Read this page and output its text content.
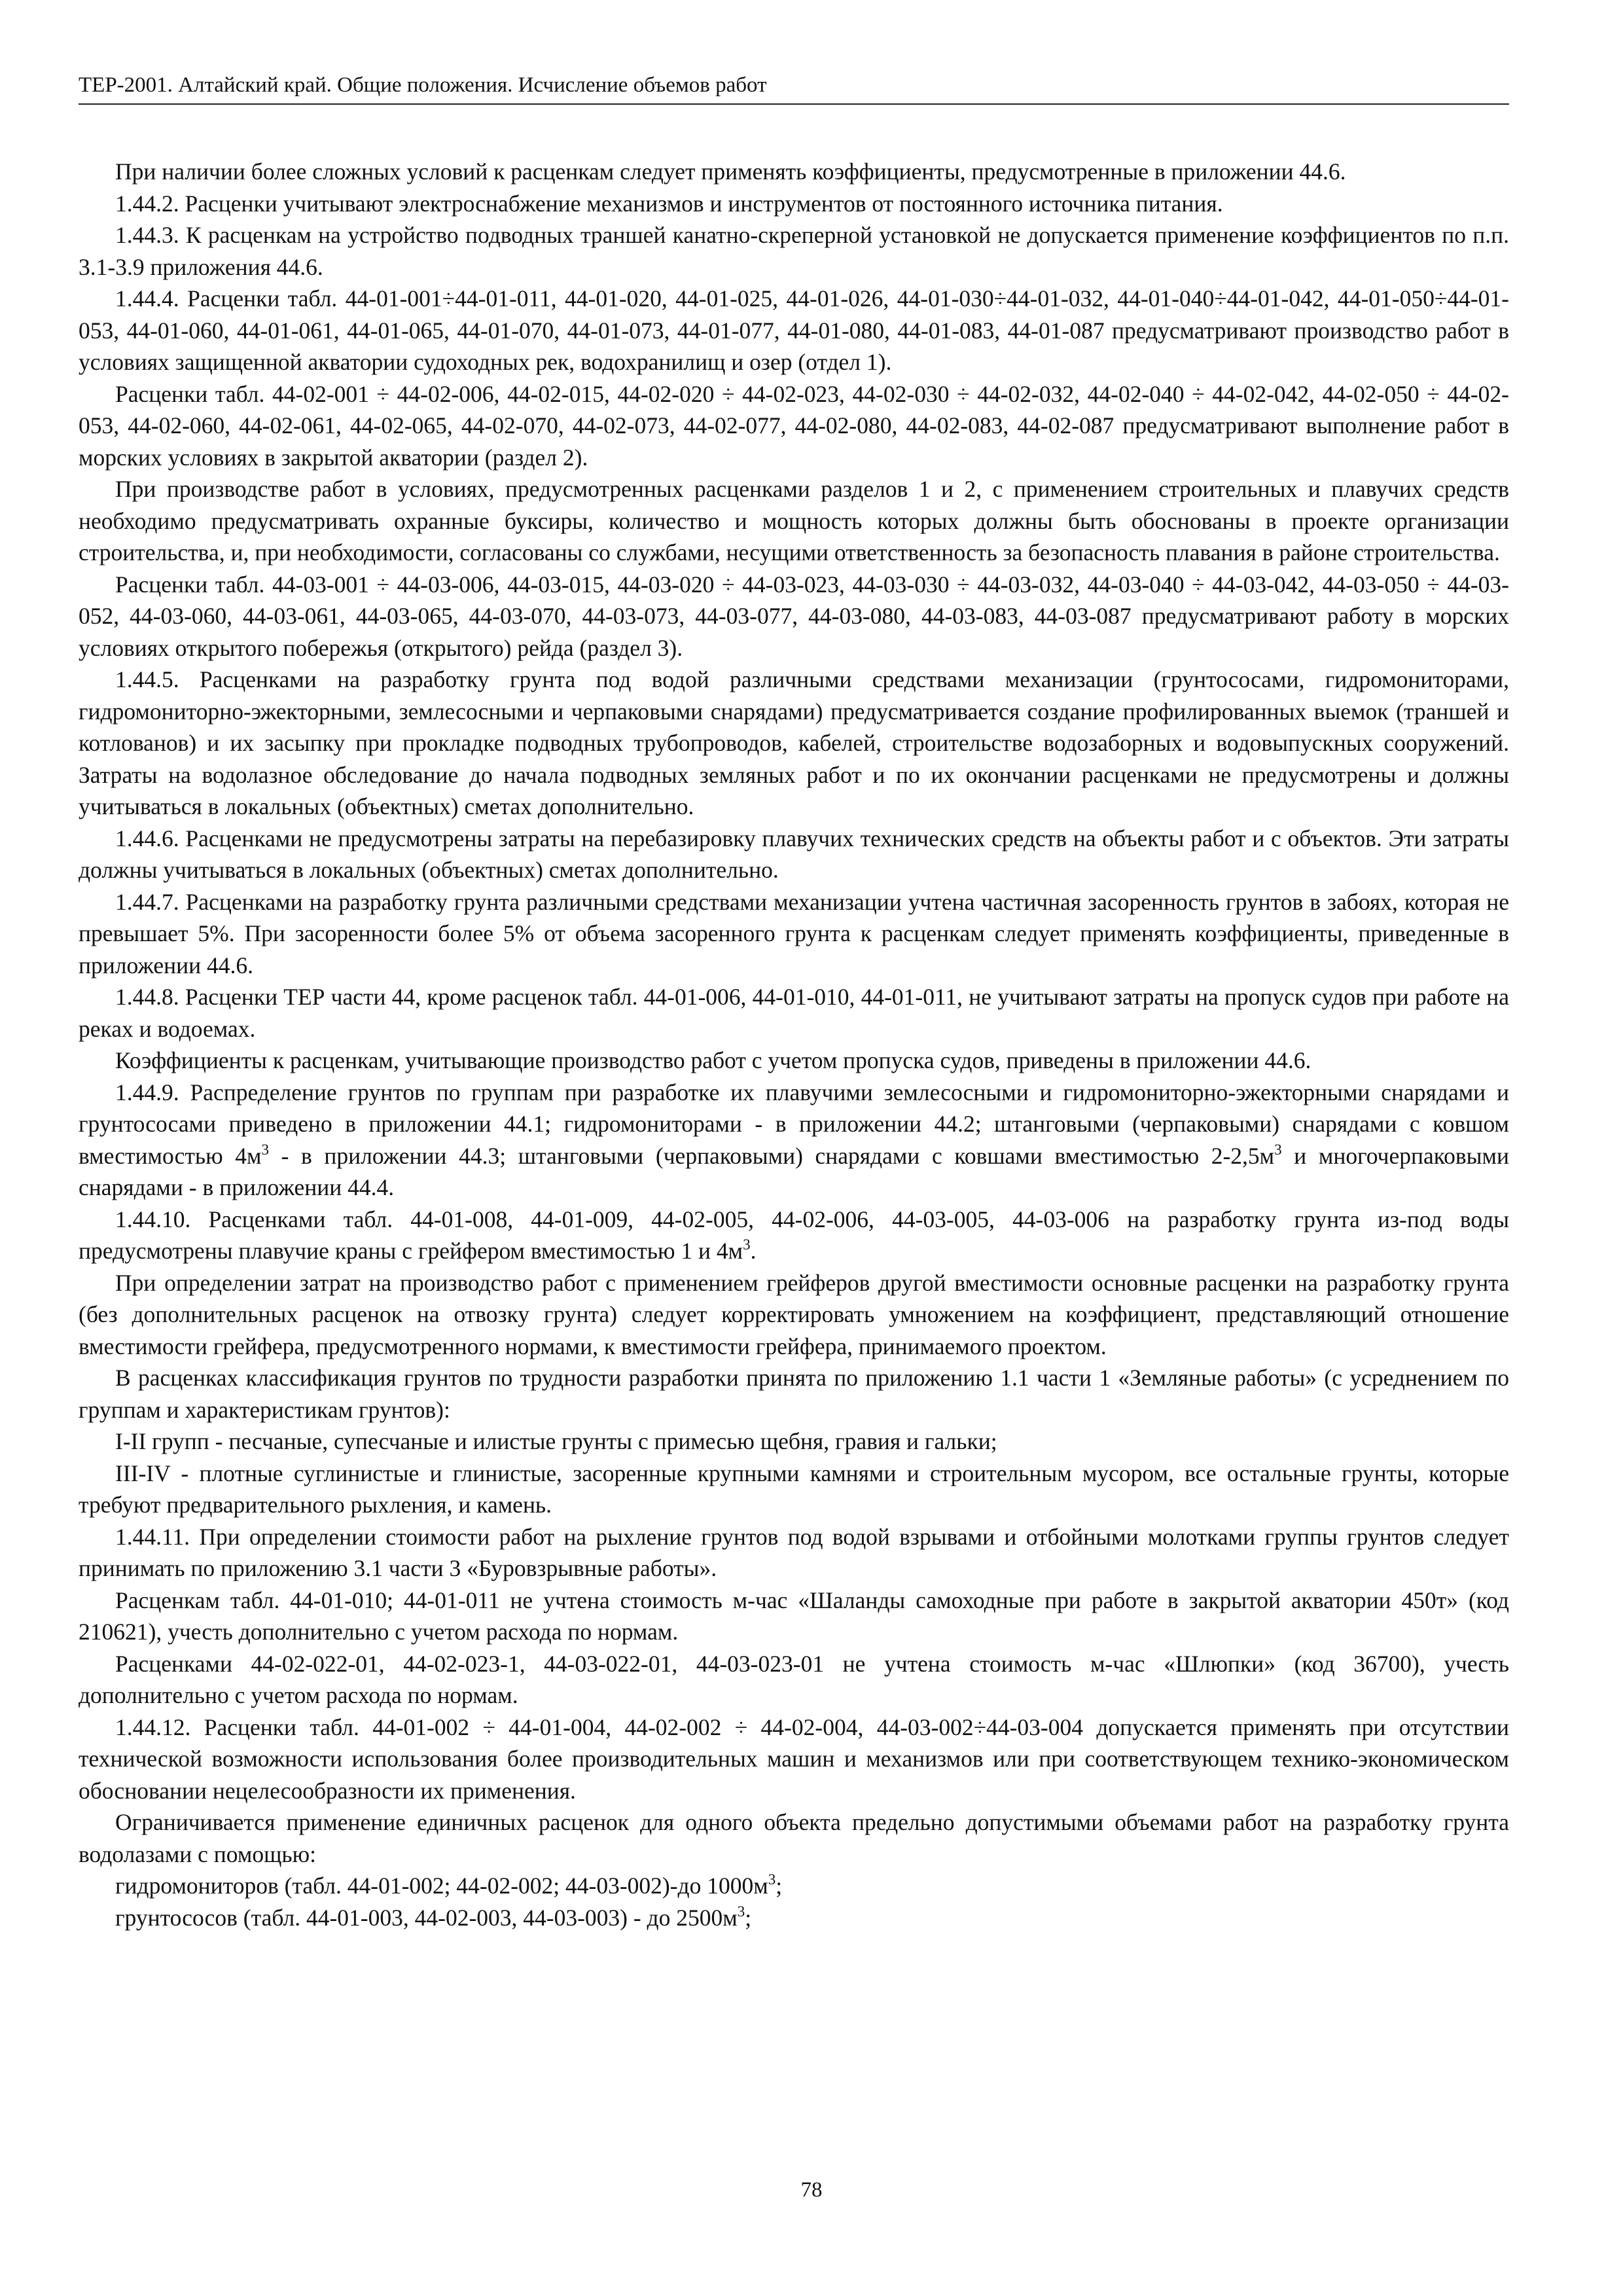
ТЕР-2001. Алтайский край. Общие положения. Исчисление объемов работ

При наличии более сложных условий к расценкам следует применять коэффициенты, предусмотренные в приложении 44.6.

1.44.2. Расценки учитывают электроснабжение механизмов и инструментов от постоянного источника питания.

1.44.3. К расценкам на устройство подводных траншей канатно-скреперной установкой не допускается применение коэффициентов по п.п. 3.1-3.9 приложения 44.6.

1.44.4. Расценки табл. 44-01-001÷44-01-011, 44-01-020, 44-01-025, 44-01-026, 44-01-030÷44-01-032, 44-01-040÷44-01-042, 44-01-050÷44-01-053, 44-01-060, 44-01-061, 44-01-065, 44-01-070, 44-01-073, 44-01-077, 44-01-080, 44-01-083, 44-01-087 предусматривают производство работ в условиях защищенной акватории судоходных рек, водохранилищ и озер (отдел 1).

Расценки табл. 44-02-001 ÷ 44-02-006, 44-02-015, 44-02-020 ÷ 44-02-023, 44-02-030 ÷ 44-02-032, 44-02-040 ÷ 44-02-042, 44-02-050 ÷ 44-02-053, 44-02-060, 44-02-061, 44-02-065, 44-02-070, 44-02-073, 44-02-077, 44-02-080, 44-02-083, 44-02-087 предусматривают выполнение работ в морских условиях в закрытой акватории (раздел 2).

При производстве работ в условиях, предусмотренных расценками разделов 1 и 2, с применением строительных и плавучих средств необходимо предусматривать охранные буксиры, количество и мощность которых должны быть обоснованы в проекте организации строительства, и, при необходимости, согласованы со службами, несущими ответственность за безопасность плавания в районе строительства.

Расценки табл. 44-03-001 ÷ 44-03-006, 44-03-015, 44-03-020 ÷ 44-03-023, 44-03-030 ÷ 44-03-032, 44-03-040 ÷ 44-03-042, 44-03-050 ÷ 44-03-052, 44-03-060, 44-03-061, 44-03-065, 44-03-070, 44-03-073, 44-03-077, 44-03-080, 44-03-083, 44-03-087 предусматривают работу в морских условиях открытого побережья (открытого) рейда (раздел 3).

1.44.5. Расценками на разработку грунта под водой различными средствами механизации (грунтососами, гидромониторами, гидромониторно-эжекторными, землесосными и черпаковыми снарядами) предусматривается создание профилированных выемок (траншей и котлованов) и их засыпку при прокладке подводных трубопроводов, кабелей, строительстве водозаборных и водовыпускных сооружений. Затраты на водолазное обследование до начала подводных земляных работ и по их окончании расценками не предусмотрены и должны учитываться в локальных (объектных) сметах дополнительно.

1.44.6. Расценками не предусмотрены затраты на перебазировку плавучих технических средств на объекты работ и с объектов. Эти затраты должны учитываться в локальных (объектных) сметах дополнительно.

1.44.7. Расценками на разработку грунта различными средствами механизации учтена частичная засоренность грунтов в забоях, которая не превышает 5%. При засоренности более 5% от объема засоренного грунта к расценкам следует применять коэффициенты, приведенные в приложении 44.6.

1.44.8. Расценки ТЕР части 44, кроме расценок табл. 44-01-006, 44-01-010, 44-01-011, не учитывают затраты на пропуск судов при работе на реках и водоемах.

Коэффициенты к расценкам, учитывающие производство работ с учетом пропуска судов, приведены в приложении 44.6.

1.44.9. Распределение грунтов по группам при разработке их плавучими землесосными и гидромониторно-эжекторными снарядами и грунтососами приведено в приложении 44.1; гидромониторами - в приложении 44.2; штанговыми (черпаковыми) снарядами с ковшом вместимостью $4м^3$ - в приложении 44.3; штанговыми (черпаковыми) снарядами с ковшами вместимостью $2-2,5м^3$ и многочерпаковыми снарядами - в приложении 44.4.

1.44.10. Расценками табл. 44-01-008, 44-01-009, 44-02-005, 44-02-006, 44-03-005, 44-03-006 на разработку грунта из-под воды предусмотрены плавучие краны с грейфером вместимостью 1 и $4м^3$.

При определении затрат на производство работ с применением грейферов другой вместимости основные расценки на разработку грунта (без дополнительных расценок на отвозку грунта) следует корректировать умножением на коэффициент, представляющий отношение вместимости грейфера, предусмотренного нормами, к вместимости грейфера, принимаемого проектом.

В расценках классификация грунтов по трудности разработки принята по приложению 1.1 части 1 «Земляные работы» (с усреднением по группам и характеристикам грунтов):

I-II групп - песчаные, супесчаные и илистые грунты с примесью щебня, гравия и гальки;

III-IV - плотные суглинистые и глинистые, засоренные крупными камнями и строительным мусором, все остальные грунты, которые требуют предварительного рыхления, и камень.

1.44.11. При определении стоимости работ на рыхление грунтов под водой взрывами и отбойными молотками группы грунтов следует принимать по приложению 3.1 части 3 «Буровзрывные работы».

Расценкам табл. 44-01-010; 44-01-011 не учтена стоимость м-час «Шаланды самоходные при работе в закрытой акватории 450т» (код 210621), учесть дополнительно с учетом расхода по нормам.

Расценками 44-02-022-01, 44-02-023-1, 44-03-022-01, 44-03-023-01 не учтена стоимость м-час «Шлюпки» (код 36700), учесть дополнительно с учетом расхода по нормам.

1.44.12. Расценки табл. 44-01-002 ÷ 44-01-004, 44-02-002 ÷ 44-02-004, 44-03-002÷44-03-004 допускается применять при отсутствии технической возможности использования более производительных машин и механизмов или при соответствующем технико-экономическом обосновании нецелесообразности их применения.

Ограничивается применение единичных расценок для одного объекта предельно допустимыми объемами работ на разработку грунта водолазами с помощью:

гидромониторов (табл. 44-01-002; 44-02-002; 44-03-002)-до $1000м^3$;
грунтососов (табл. 44-01-003, 44-02-003, 44-03-003) - до $2500м^3$;
78
